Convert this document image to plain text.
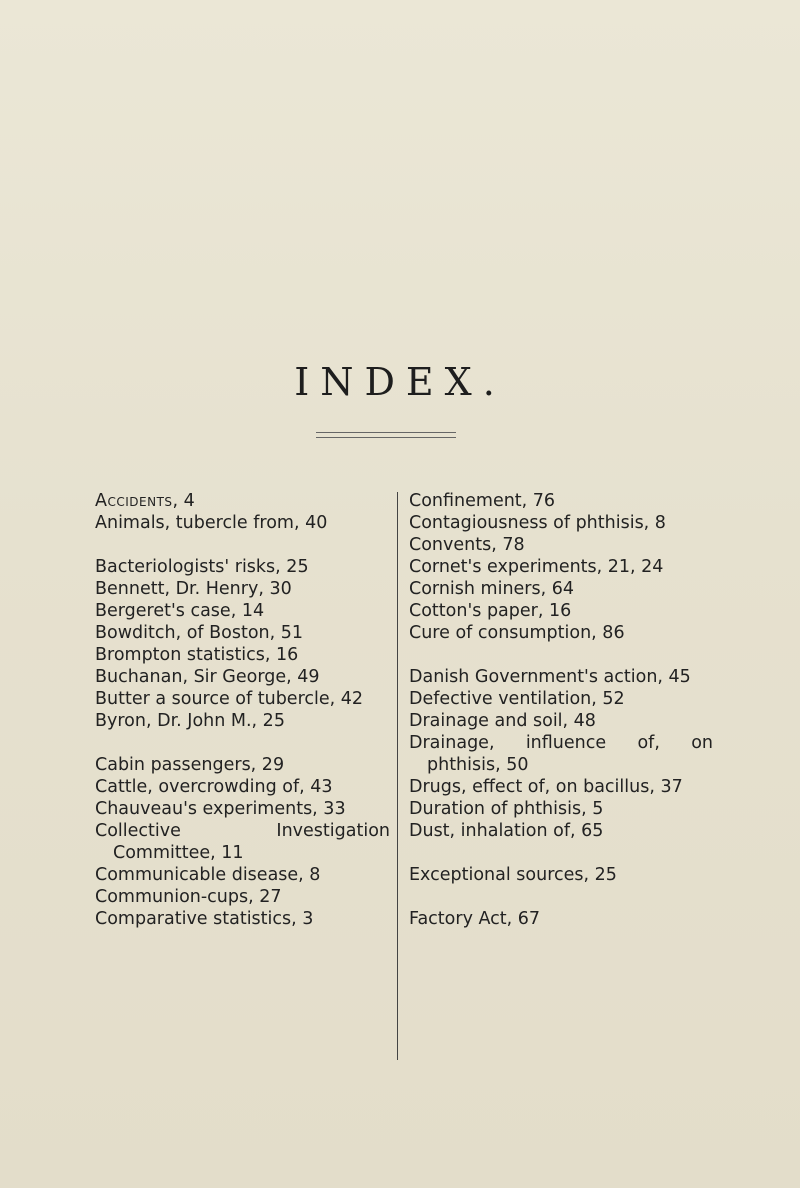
INDEX.
Accidents, 4
Animals, tubercle from, 40
Bacteriologists' risks, 25
Bennett, Dr. Henry, 30
Bergeret's case, 14
Bowditch, of Boston, 51
Brompton statistics, 16
Buchanan, Sir George, 49
Butter a source of tubercle, 42
Byron, Dr. John M., 25
Cabin passengers, 29
Cattle, overcrowding of, 43
Chauveau's experiments, 33
Collective Investigation Committee, 11
Communicable disease, 8
Communion-cups, 27
Comparative statistics, 3
Confinement, 76
Contagiousness of phthisis, 8
Convents, 78
Cornet's experiments, 21, 24
Cornish miners, 64
Cotton's paper, 16
Cure of consumption, 86
Danish Government's action, 45
Defective ventilation, 52
Drainage and soil, 48
Drainage, influence of, on phthisis, 50
Drugs, effect of, on bacillus, 37
Duration of phthisis, 5
Dust, inhalation of, 65
Exceptional sources, 25
Factory Act, 67
